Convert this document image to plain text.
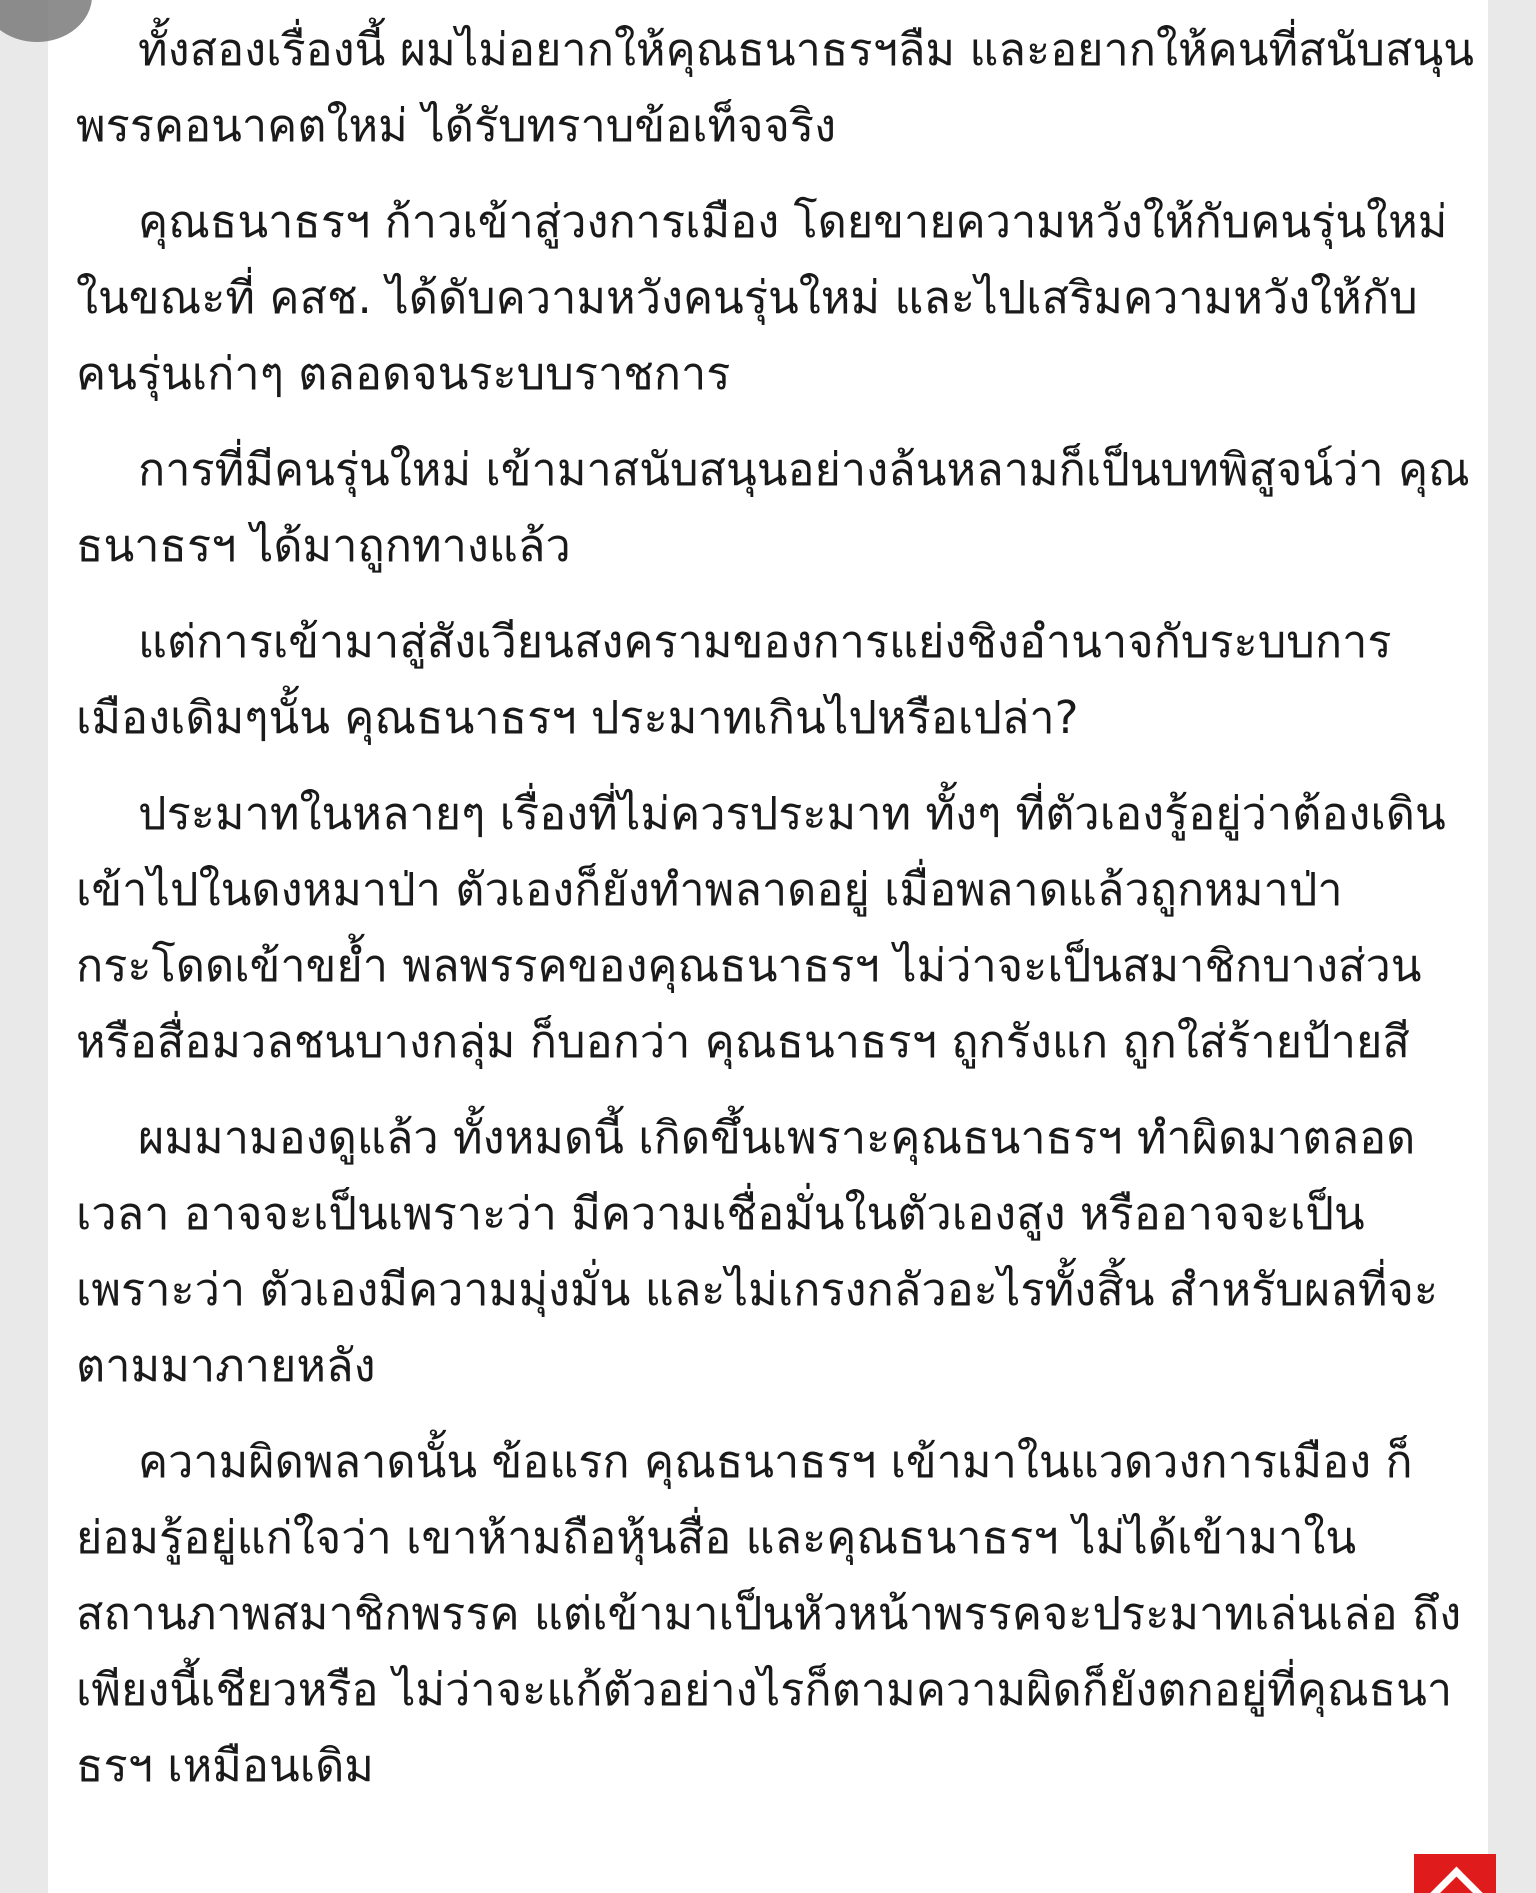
ทั้งสองเรื่องนี้ ผมไม่อยากให้คุณธนาธรฯลืม และอยากให้คนที่สนับสนุนพรรคอนาคตใหม่ ได้รับทราบข้อเท็จจริง

คุณธนาธรฯ ก้าวเข้าสู่วงการเมือง โดยขายความหวังให้กับคนรุ่นใหม่ ในขณะที่ คสช. ได้ดับความหวังคนรุ่นใหม่ และไปเสริมความหวังให้กับคนรุ่นเก่าๆ ตลอดจนระบบราชการ

การที่มีคนรุ่นใหม่ เข้ามาสนับสนุนอย่างล้นหลามก็เป็นบทพิสูจน์ว่า คุณธนาธรฯ ได้มาถูกทางแล้ว

แต่การเข้ามาสู่สังเวียนสงครามของการแย่งชิงอำนาจกับระบบการเมืองเดิมๆนั้น คุณธนาธรฯ ประมาทเกินไปหรือเปล่า?

ประมาทในหลายๆ เรื่องที่ไม่ควรประมาท ทั้งๆ ที่ตัวเองรู้อยู่ว่าต้องเดินเข้าไปในดงหมาป่า ตัวเองก็ยังทำพลาดอยู่ เมื่อพลาดแล้วถูกหมาป่ากระโดดเข้าขย้ำ พลพรรคของคุณธนาธรฯ ไม่ว่าจะเป็นสมาชิกบางส่วน หรือสื่อมวลชนบางกลุ่ม ก็บอกว่า คุณธนาธรฯ ถูกรังแก ถูกใส่ร้ายป้ายสี

ผมมามองดูแล้ว ทั้งหมดนี้ เกิดขึ้นเพราะคุณธนาธรฯ ทำผิดมาตลอดเวลา อาจจะเป็นเพราะว่า มีความเชื่อมั่นในตัวเองสูง หรืออาจจะเป็นเพราะว่า ตัวเองมีความมุ่งมั่น และไม่เกรงกลัวอะไรทั้งสิ้น สำหรับผลที่จะตามมาภายหลัง

ความผิดพลาดนั้น ข้อแรก คุณธนาธรฯ เข้ามาในแวดวงการเมือง ก็ย่อมรู้อยู่แก่ใจว่า เขาห้ามถือหุ้นสื่อ และคุณธนาธรฯ ไม่ได้เข้ามาในสถานภาพสมาชิกพรรค แต่เข้ามาเป็นหัวหน้าพรรคจะประมาทเล่นเล่อ ถึงเพียงนี้เชียวหรือ ไม่ว่าจะแก้ตัวอย่างไรก็ตามความผิดก็ยังตกอยู่ที่คุณธนาธรฯ เหมือนเดิม
